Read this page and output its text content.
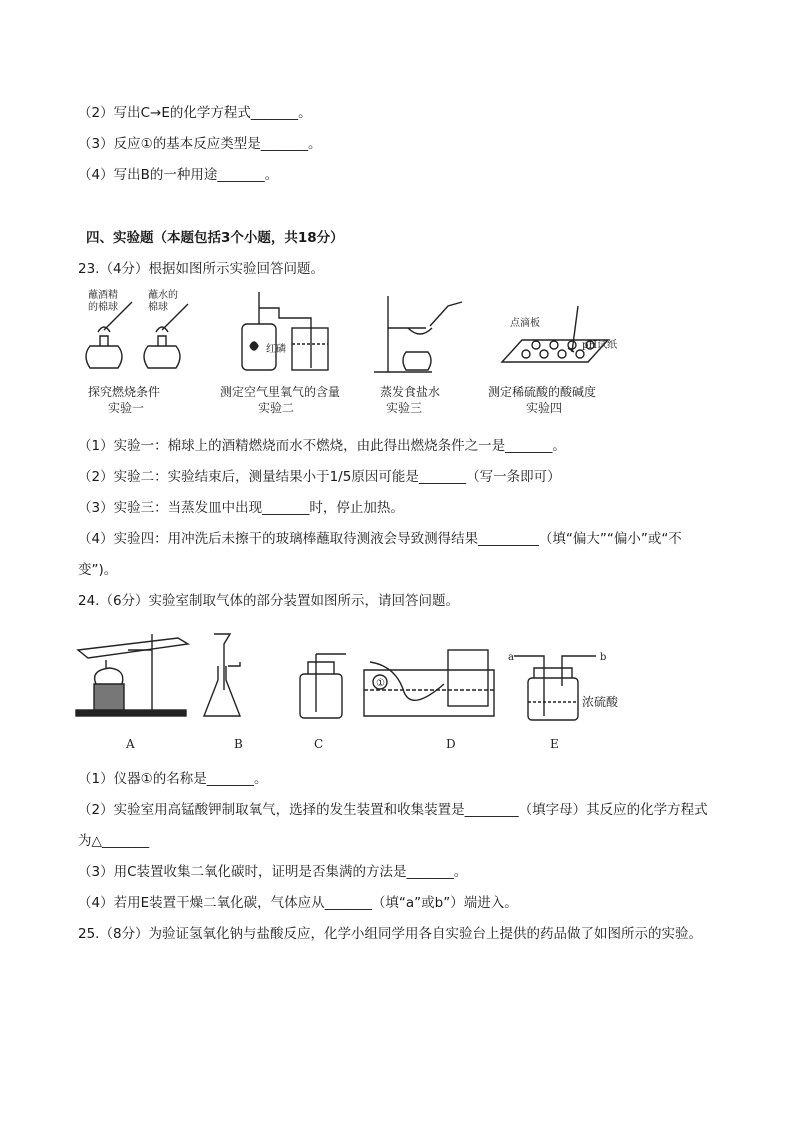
（2）写出C→E的化学方程式_______。
（3）反应①的基本反应类型是_______。
（4）写出B的一种用途_______。
四、实验题（本题包括3个小题，共18分）
23.（4分）根据如图所示实验回答问题。
蘸酒精
的棉球
蘸水的
棉球
红磷
点滴板
pH试纸
探究燃烧条件
实验一
测定空气里氧气的含量
实验二
蒸发食盐水
实验三
测定稀硫酸的酸碱度
实验四
（1）实验一：棉球上的酒精燃烧而水不燃烧，由此得出燃烧条件之一是_______。
（2）实验二：实验结束后，测量结果小于1/5原因可能是_______（写一条即可）
（3）实验三：当蒸发皿中出现_______时，停止加热。
（4）实验四：用冲洗后未擦干的玻璃棒蘸取待测液会导致测得结果_________（填“偏大”“偏小”或“不
变”)。
24.（6分）实验室制取气体的部分装置如图所示，请回答问题。
A	B	C	D	E
①
a	b
浓硫酸
（1）仪器①的名称是_______。
（2）实验室用高锰酸钾制取氧气，选择的发生装置和收集装置是________（填字母）其反应的化学方程式
为△_______
（3）用C装置收集二氧化碳时，证明是否集满的方法是_______。
（4）若用E装置干燥二氧化碳，气体应从_______（填“a”或b”）端进入。
25.（8分）为验证氢氧化钠与盐酸反应，化学小组同学用各自实验台上提供的药品做了如图所示的实验。
